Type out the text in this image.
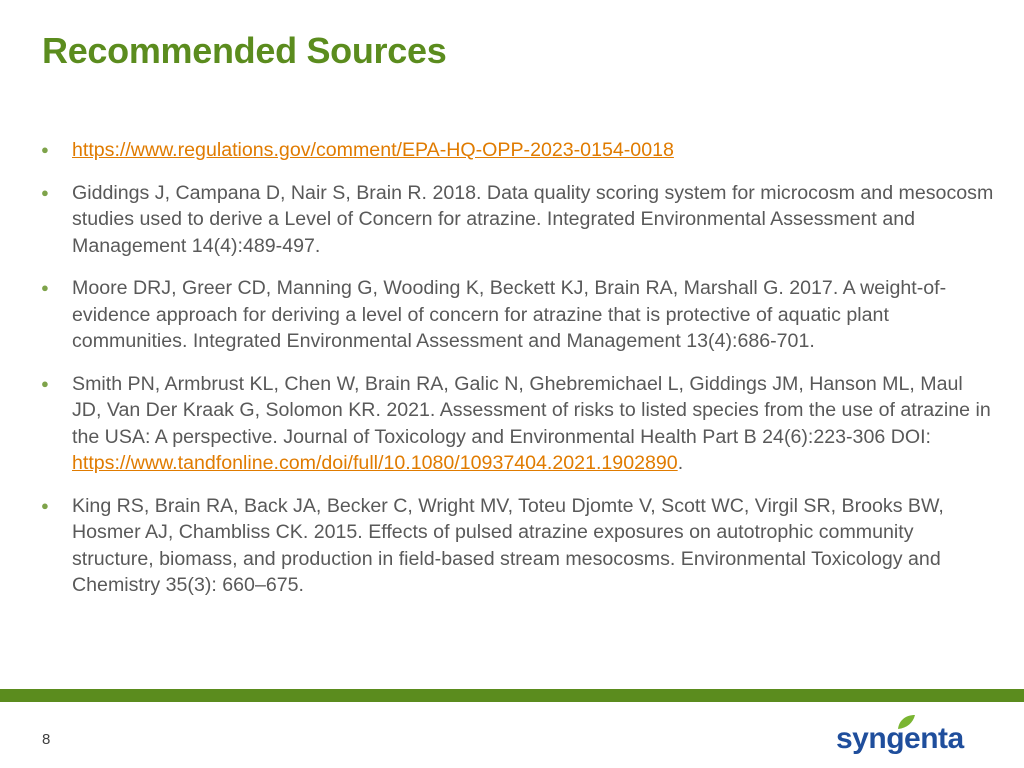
Recommended Sources
● https://www.regulations.gov/comment/EPA-HQ-OPP-2023-0154-0018
● Giddings J, Campana D, Nair S, Brain R. 2018. Data quality scoring system for microcosm and mesocosm studies used to derive a Level of Concern for atrazine. Integrated Environmental Assessment and Management 14(4):489-497.
● Moore DRJ, Greer CD, Manning G, Wooding K, Beckett KJ, Brain RA, Marshall G. 2017. A weight-of-evidence approach for deriving a level of concern for atrazine that is protective of aquatic plant communities. Integrated Environmental Assessment and Management 13(4):686-701.
● Smith PN, Armbrust KL, Chen W, Brain RA, Galic N, Ghebremichael L, Giddings JM, Hanson ML, Maul JD, Van Der Kraak G, Solomon KR. 2021. Assessment of risks to listed species from the use of atrazine in the USA: A perspective. Journal of Toxicology and Environmental Health Part B 24(6):223-306 DOI: https://www.tandfonline.com/doi/full/10.1080/10937404.2021.1902890.
● King RS, Brain RA, Back JA, Becker C, Wright MV, Toteu Djomte V, Scott WC, Virgil SR, Brooks BW, Hosmer AJ, Chambliss CK. 2015. Effects of pulsed atrazine exposures on autotrophic community structure, biomass, and production in field-based stream mesocosms. Environmental Toxicology and Chemistry 35(3): 660–675.
8	syngenta
